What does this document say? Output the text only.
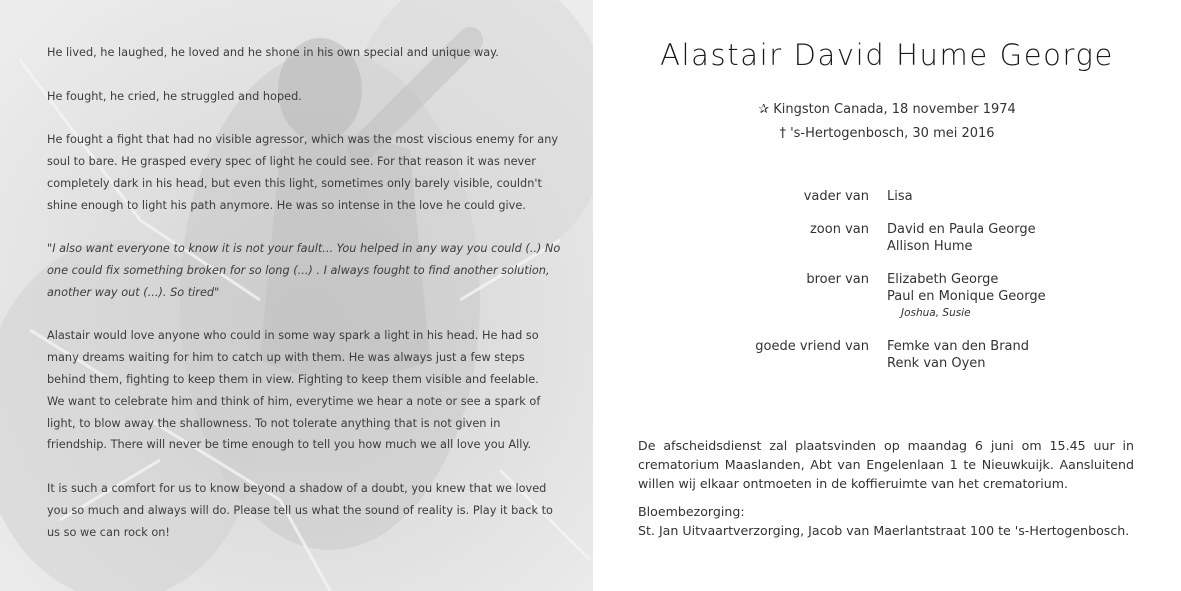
He lived, he laughed, he loved and he shone in his own special and unique way.

He fought, he cried, he struggled and hoped.

He fought a fight that had no visible agressor, which was the most viscious enemy for any soul to bare. He grasped every spec of light he could see. For that reason it was never completely dark in his head, but even this light, sometimes only barely visible, couldn't shine enough to light his path anymore. He was so intense in the love he could give.

"I also want everyone to know it is not your fault... You helped in any way you could (..) No one could fix something broken for so long (...) . I always fought to find another solution, another way out (...). So tired"

Alastair would love anyone who could in some way spark a light in his head. He had so many dreams waiting for him to catch up with them. He was always just a few steps behind them, fighting to keep them in view. Fighting to keep them visible and feelable.

We want to celebrate him and think of him, everytime we hear a note or see a spark of light, to blow away the shallowness. To not tolerate anything that is not given in friendship. There will never be time enough to tell you how much we all love you Ally.

It is such a comfort for us to know beyond a shadow of a doubt, you knew that we loved you so much and always will do. Please tell us what the sound of reality is. Play it back to us so we can rock on!

Alastair David Hume George
✰ Kingston Canada, 18 november 1974
† 's-Hertogenbosch, 30 mei 2016
vader van Lisa
zoon van David en Paula George
Allison Hume
broer van Elizabeth George
Paul en Monique George
Joshua, Susie
goede vriend van Femke van den Brand
Renk van Oyen

De afscheidsdienst zal plaatsvinden op maandag 6 juni om 15.45 uur in crematorium Maaslanden, Abt van Engelenlaan 1 te Nieuwkuijk. Aansluitend willen wij elkaar ontmoeten in de koffieruimte van het crematorium.

Bloembezorging:
St. Jan Uitvaartverzorging, Jacob van Maerlantstraat 100 te 's-Hertogenbosch.
